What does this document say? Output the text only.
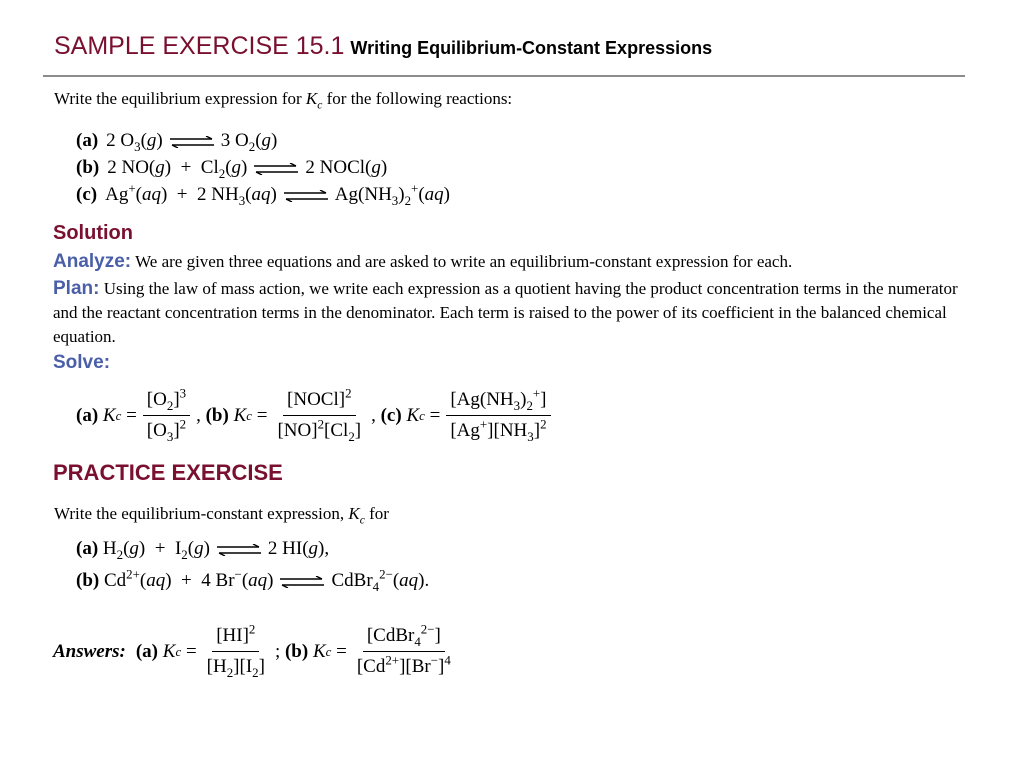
SAMPLE EXERCISE 15.1 Writing Equilibrium-Constant Expressions
Write the equilibrium expression for $K_c$ for the following reactions:
(a) 2 $O_3(g)$ ⇌ 3 $O_2(g)$
(b) 2 $NO(g) + Cl_2(g)$ ⇌ 2 NOCl(g)
(c) Ag+(aq)  +  2 $NH_3(aq)$ ⇌ $Ag(NH_3)_2^+(aq)$
Solution
Analyze: We are given three equations and are asked to write an equilibrium-constant expression for each.
Plan: Using the law of mass action, we write each expression as a quotient having the product concentration terms in the numerator and the reactant concentration terms in the denominator. Each term is raised to the power of its coefficient in the balanced chemical equation.
Solve:
(a)
K $c = \frac{[O_2]^3}{[O_3]^2}$ , (b)
K $c = \frac{[NOCl]^2}{[NO]^2[Cl_2]}$ , (c)
K $c = \frac{[Ag(NH_3)_2^+]}{[Ag^+][NH_3]^2}$
PRACTICE EXERCISE
Write the equilibrium-constant expression, $K_c$ for
(a) $H_2(g) + I_2(g)$ ⇌ 2 HI(g),
(b) $Cd^{2+}(aq) + 4$ Br−(aq) ⇌ CdBr$_4^{2-}$(aq).
Answers: (a)
K $c = \frac{[HI]^2}{[H_2][I_2]}$ ; (b)
K $c = \frac{[CdBr_4^{2-}]}{[Cd^{2+}][Br^-]^4}$
